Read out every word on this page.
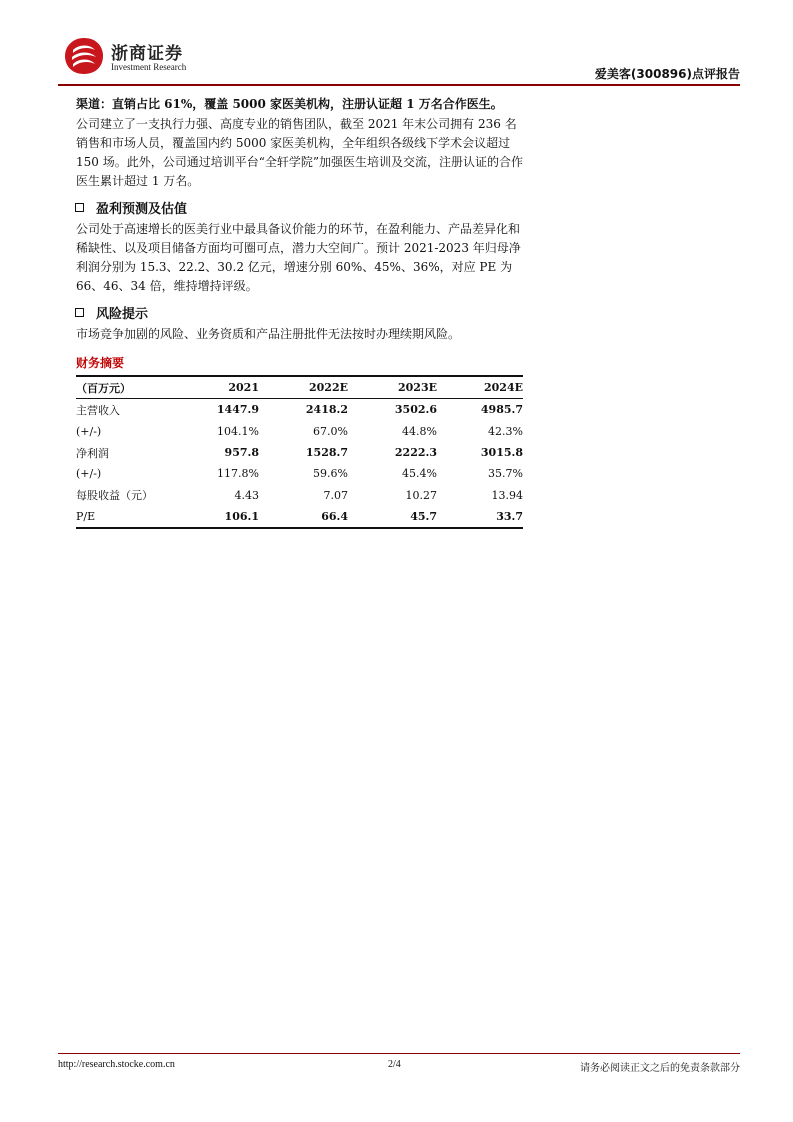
浙商证券
Investment Research	爱美客(300896)点评报告

渠道：直销占比 61%，覆盖 5000 家医美机构，注册认证超 1 万名合作医生。

公司建立了一支执行力强、高度专业的销售团队，截至 2021 年末公司拥有 236 名销售和市场人员，覆盖国内约 5000 家医美机构，全年组织各级线下学术会议超过 150 场。此外，公司通过培训平台“全轩学院”加强医生培训及交流，注册认证的合作医生累计超过 1 万名。

盈利预测及估值

公司处于高速增长的医美行业中最具备议价能力的环节，在盈利能力、产品差异化和稀缺性、以及项目储备方面均可圈可点，潜力大空间广。预计 2021-2023 年归母净利润分别为 15.3、22.2、30.2 亿元，增速分别 60%、45%、36%，对应 PE 为 66、46、34 倍，维持增持评级。

风险提示

市场竞争加剧的风险、业务资质和产品注册批件无法按时办理续期风险。

财务摘要
（百万元）	2021	2022E	2023E	2024E
主营收入	1447.9	2418.2	3502.6	4985.7
(+/-)	104.1%	67.0%	44.8%	42.3%
净利润	957.8	1528.7	2222.3	3015.8
(+/-)	117.8%	59.6%	45.4%	35.7%
每股收益（元）	4.43	7.07	10.27	13.94
P/E	106.1	66.4	45.7	33.7
http://research.stocke.com.cn	2/4	请务必阅读正文之后的免责条款部分
